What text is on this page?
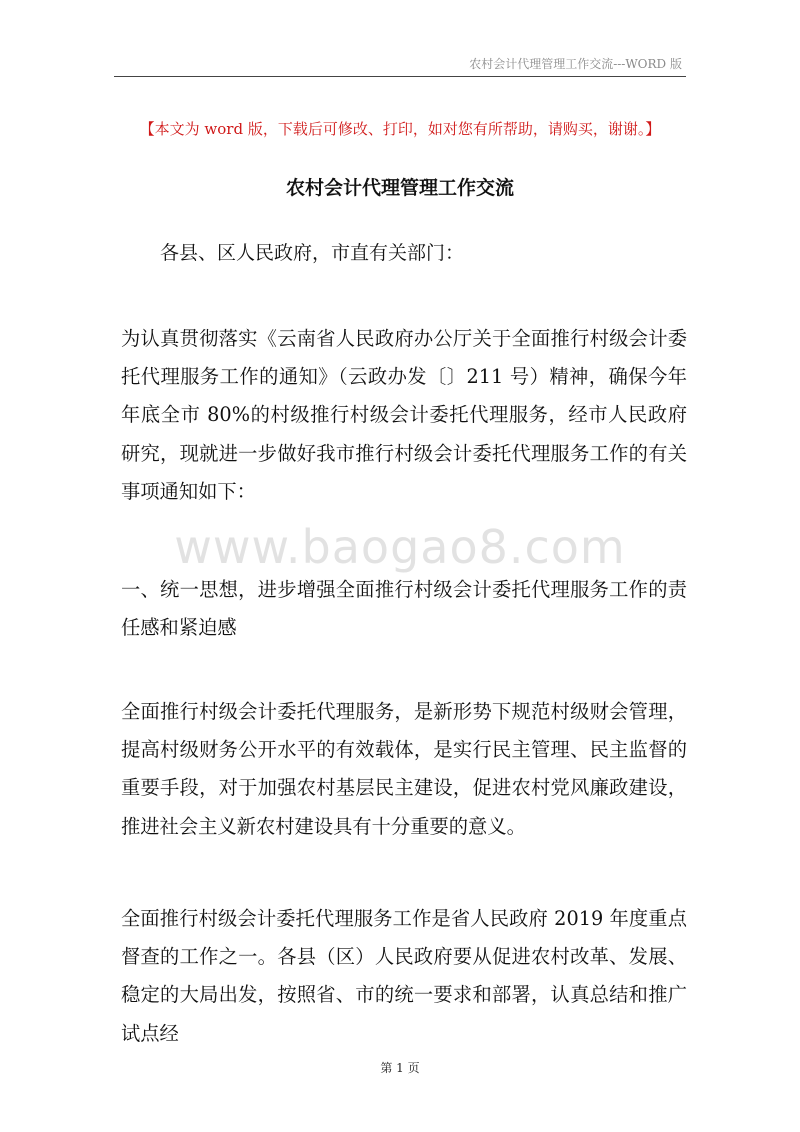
农村会计代理管理工作交流---WORD 版
【本文为 word 版，下载后可修改、打印，如对您有所帮助，请购买，谢谢。】
农村会计代理管理工作交流
各县、区人民政府，市直有关部门：
为认真贯彻落实《云南省人民政府办公厅关于全面推行村级会计委托代理服务工作的通知》（云政办发〔〕211 号）精神，确保今年年底全市 80%的村级推行村级会计委托代理服务，经市人民政府研究，现就进一步做好我市推行村级会计委托代理服务工作的有关事项通知如下：
一、统一思想，进步增强全面推行村级会计委托代理服务工作的责任感和紧迫感
全面推行村级会计委托代理服务，是新形势下规范村级财会管理，提高村级财务公开水平的有效载体，是实行民主管理、民主监督的重要手段，对于加强农村基层民主建设，促进农村党风廉政建设，推进社会主义新农村建设具有十分重要的意义。
全面推行村级会计委托代理服务工作是省人民政府 2019 年度重点督查的工作之一。各县（区）人民政府要从促进农村改革、发展、稳定的大局出发，按照省、市的统一要求和部署，认真总结和推广试点经
www.baogao8.com
第 1 页
